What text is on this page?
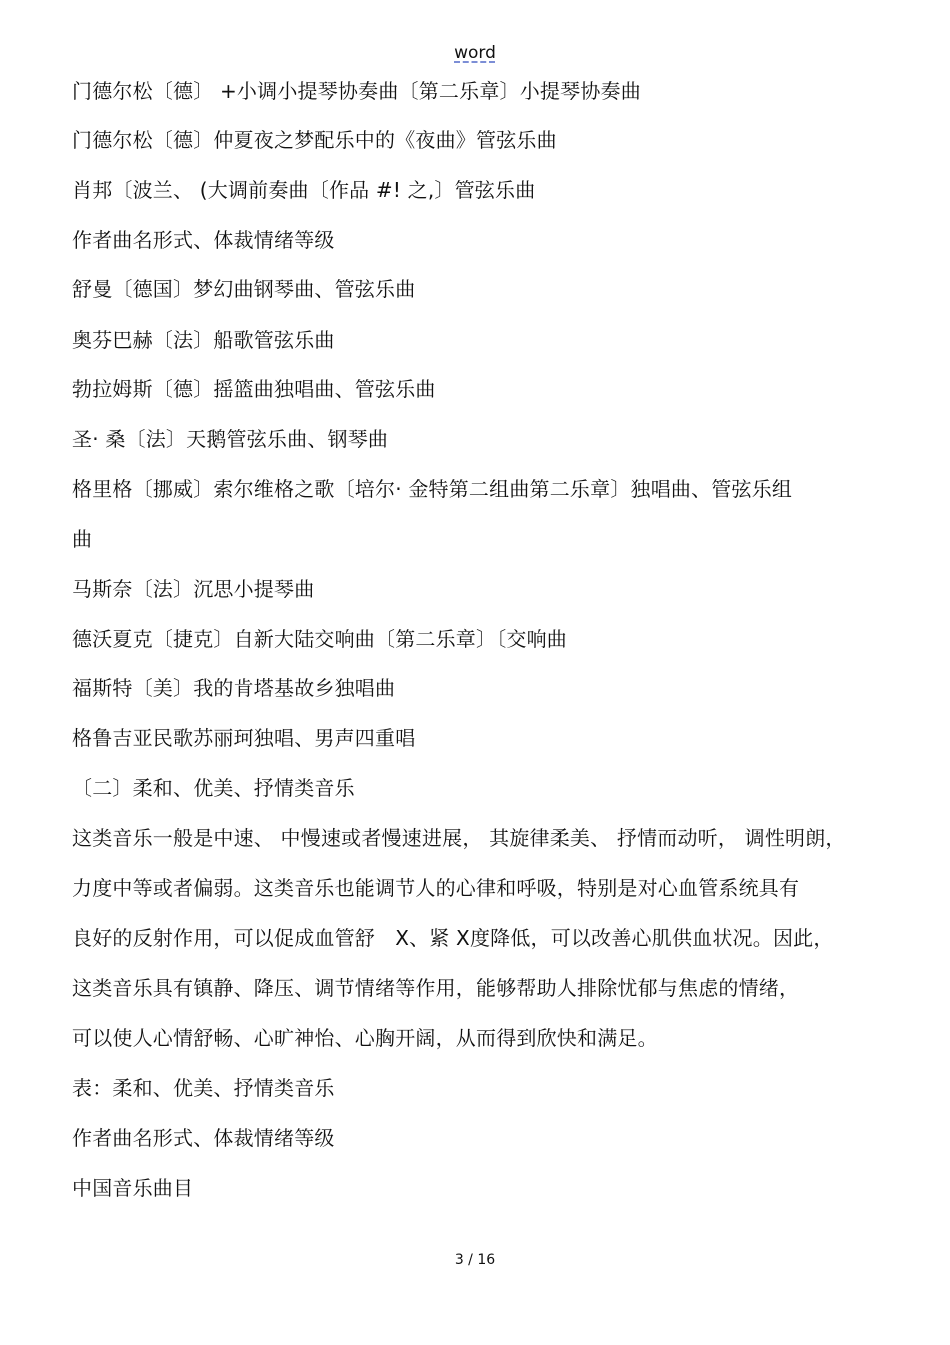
word
门德尔松〔德〕 +小调小提琴协奏曲〔第二乐章〕小提琴协奏曲
门德尔松〔德〕仲夏夜之梦配乐中的《夜曲》管弦乐曲
肖邦〔波兰、 (大调前奏曲〔作品 #! 之,〕管弦乐曲
作者曲名形式、体裁情绪等级
舒曼〔德国〕梦幻曲钢琴曲、管弦乐曲
奥芬巴赫〔法〕船歌管弦乐曲
勃拉姆斯〔德〕摇篮曲独唱曲、管弦乐曲
圣· 桑〔法〕天鹅管弦乐曲、钢琴曲
格里格〔挪威〕索尔维格之歌〔培尔· 金特第二组曲第二乐章〕独唱曲、管弦乐组
曲
马斯奈〔法〕沉思小提琴曲
德沃夏克〔捷克〕自新大陆交响曲〔第二乐章〕〔交响曲
福斯特〔美〕我的肯塔基故乡独唱曲
格鲁吉亚民歌苏丽珂独唱、男声四重唱
〔二〕柔和、优美、抒情类音乐
这类音乐一般是中速、 中慢速或者慢速进展， 其旋律柔美、 抒情而动听， 调性明朗，
力度中等或者偏弱。这类音乐也能调节人的心律和呼吸，特别是对心血管系统具有
良好的反射作用，可以促成血管舒　X、紧 X度降低，可以改善心肌供血状况。因此，
这类音乐具有镇静、降压、调节情绪等作用，能够帮助人排除忧郁与焦虑的情绪，
可以使人心情舒畅、心旷神怡、心胸开阔，从而得到欣快和满足。
表：柔和、优美、抒情类音乐
作者曲名形式、体裁情绪等级
中国音乐曲目
3 / 16
